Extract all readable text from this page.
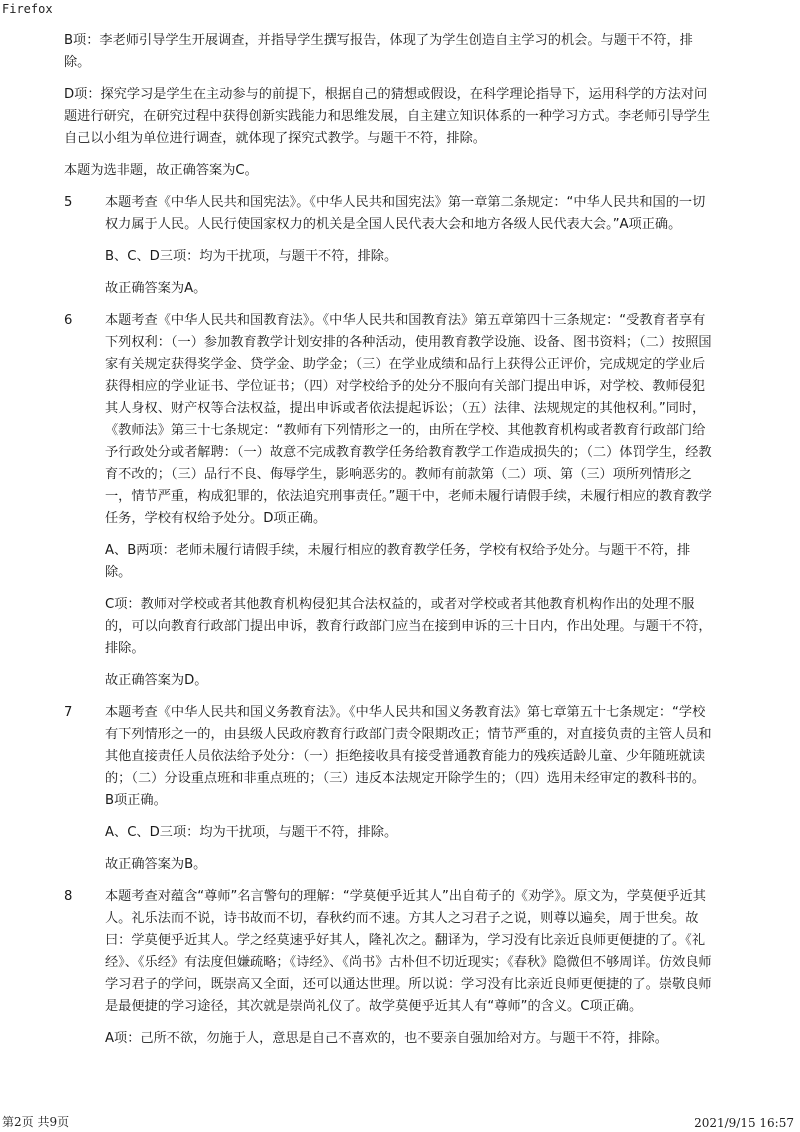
Firefox

B项：李老师引导学生开展调查，并指导学生撰写报告，体现了为学生创造自主学习的机会。与题干不符，排除。

D项：探究学习是学生在主动参与的前提下，根据自己的猜想或假设，在科学理论指导下，运用科学的方法对问题进行研究，在研究过程中获得创新实践能力和思维发展，自主建立知识体系的一种学习方式。李老师引导学生自己以小组为单位进行调查，就体现了探究式教学。与题干不符，排除。

本题为选非题，故正确答案为C。

5 本题考查《中华人民共和国宪法》。《中华人民共和国宪法》第一章第二条规定：“中华人民共和国的一切权力属于人民。人民行使国家权力的机关是全国人民代表大会和地方各级人民代表大会。”A项正确。

B、C、D三项：均为干扰项，与题干不符，排除。

故正确答案为A。

6 本题考查《中华人民共和国教育法》。《中华人民共和国教育法》第五章第四十三条规定：“受教育者享有下列权利：（一）参加教育教学计划安排的各种活动，使用教育教学设施、设备、图书资料；（二）按照国家有关规定获得奖学金、贷学金、助学金；（三）在学业成绩和品行上获得公正评价，完成规定的学业后获得相应的学业证书、学位证书；（四）对学校给予的处分不服向有关部门提出申诉，对学校、教师侵犯其人身权、财产权等合法权益，提出申诉或者依法提起诉讼；（五）法律、法规规定的其他权利。”同时，《教师法》第三十七条规定：“教师有下列情形之一的，由所在学校、其他教育机构或者教育行政部门给予行政处分或者解聘：（一）故意不完成教育教学任务给教育教学工作造成损失的；（二）体罚学生，经教育不改的；（三）品行不良、侮辱学生，影响恶劣的。教师有前款第（二）项、第（三）项所列情形之一，情节严重，构成犯罪的，依法追究刑事责任。”题干中，老师未履行请假手续，未履行相应的教育教学任务，学校有权给予处分。D项正确。

A、B两项：老师未履行请假手续，未履行相应的教育教学任务，学校有权给予处分。与题干不符，排除。

C项：教师对学校或者其他教育机构侵犯其合法权益的，或者对学校或者其他教育机构作出的处理不服的，可以向教育行政部门提出申诉，教育行政部门应当在接到申诉的三十日内，作出处理。与题干不符，排除。

故正确答案为D。

7 本题考查《中华人民共和国义务教育法》。《中华人民共和国义务教育法》第七章第五十七条规定：“学校有下列情形之一的，由县级人民政府教育行政部门责令限期改正；情节严重的，对直接负责的主管人员和其他直接责任人员依法给予处分：（一）拒绝接收具有接受普通教育能力的残疾适龄儿童、少年随班就读的；（二）分设重点班和非重点班的；（三）违反本法规定开除学生的；（四）选用未经审定的教科书的。B项正确。

A、C、D三项：均为干扰项，与题干不符，排除。

故正确答案为B。

8 本题考查对蕴含“尊师”名言警句的理解：“学莫便乎近其人”出自荀子的《劝学》。原文为，学莫便乎近其人。礼乐法而不说，诗书故而不切，春秋约而不速。方其人之习君子之说，则尊以遍矣，周于世矣。故曰：学莫便乎近其人。学之经莫速乎好其人，隆礼次之。翻译为，学习没有比亲近良师更便捷的了。《礼经》、《乐经》有法度但嫌疏略；《诗经》、《尚书》古朴但不切近现实；《春秋》隐微但不够周详。仿效良师学习君子的学问，既崇高又全面，还可以通达世理。所以说：学习没有比亲近良师更便捷的了。崇敬良师是最便捷的学习途径，其次就是崇尚礼仪了。故学莫便乎近其人有“尊师”的含义。C项正确。

A项：己所不欲，勿施于人，意思是自己不喜欢的，也不要亲自强加给对方。与题干不符，排除。

第2页 共9页	2021/9/15 16:57
